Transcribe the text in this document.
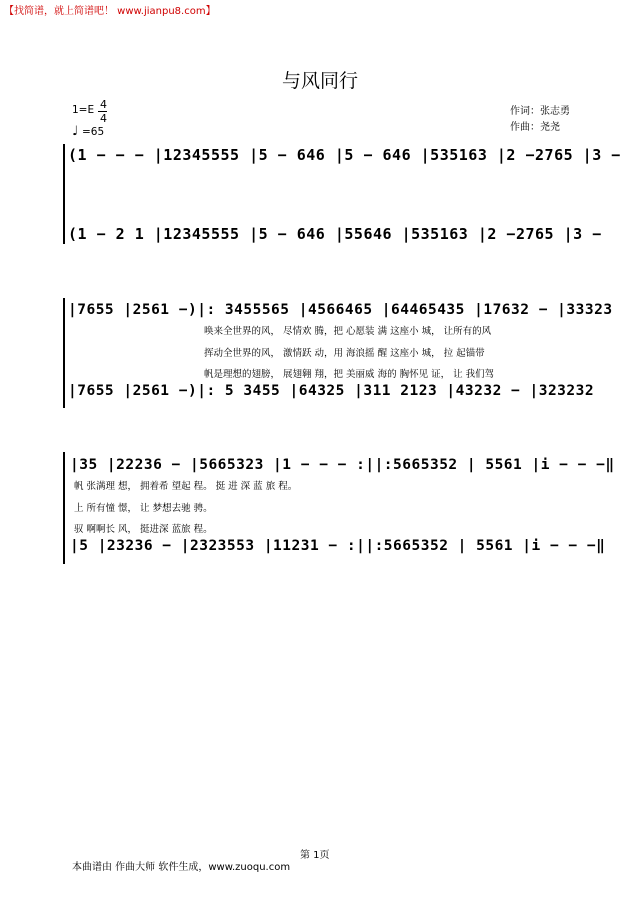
【找简谱，就上简谱吧！ www.jianpu8.com】
与风同行
1=E 4
4
♩ =65
作词：张志勇
作曲：尧尧
(1 − − − |12345555 |5 − 646 |5 − 646 |535163 |2 −2765 |3 −
(1 − 2 1 |12345555 |5 − 646 |55646 |535163 |2 −2765 |3 −
|7655 |2561 −)|: 3455565 |4566465 |64465435 |17632 − |33323
唤来全世界的风， 尽情欢 腾，把 心愿装 满 这座小 城， 让所有的风
挥动全世界的风， 激情跃 动，用 海浪摇 醒 这座小 城， 拉 起锚带
帆是理想的翅膀， 展翅翱 翔，把 美丽威 海的 胸怀见 证， 让 我们驾
|7655 |2561 −)|: 5 3455 |64325 |311 2123 |43232 − |323232
|35 |22236 − |5665323 |1 − − − :||:5665352 | 5561 |i − − −‖
帆 张满理 想， 拥着希 望起 程。 挺 进 深 蓝 旅 程。
上 所有憧 憬， 让 梦想去驰 骋。
驭 啊啊长 风， 挺进深 蓝旅 程。
|5 |23236 − |2323553 |11231 − :||:5665352 | 5561 |i − − −‖
第 1页
本曲谱由 作曲大师 软件生成，www.zuoqu.com
